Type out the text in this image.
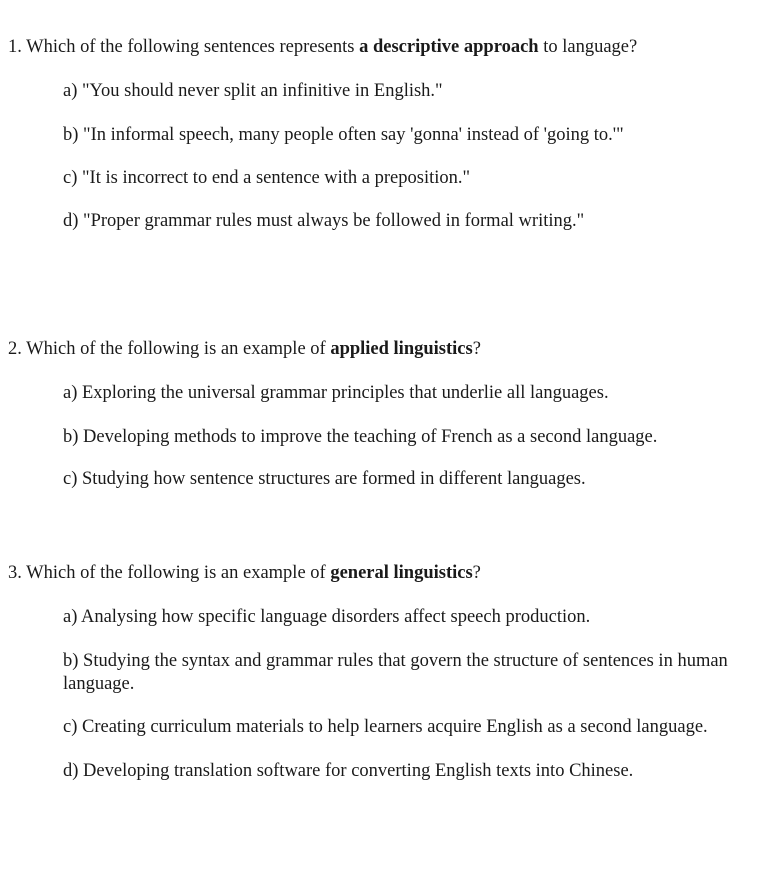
1. Which of the following sentences represents a descriptive approach to language?

a) "You should never split an infinitive in English."

b) "In informal speech, many people often say 'gonna' instead of 'going to.'"

c) "It is incorrect to end a sentence with a preposition."

d) "Proper grammar rules must always be followed in formal writing."

2. Which of the following is an example of applied linguistics?

a) Exploring the universal grammar principles that underlie all languages.

b) Developing methods to improve the teaching of French as a second language.

c) Studying how sentence structures are formed in different languages.

3. Which of the following is an example of general linguistics?

a) Analysing how specific language disorders affect speech production.

b) Studying the syntax and grammar rules that govern the structure of sentences in human language.

c) Creating curriculum materials to help learners acquire English as a second language.

d) Developing translation software for converting English texts into Chinese.
